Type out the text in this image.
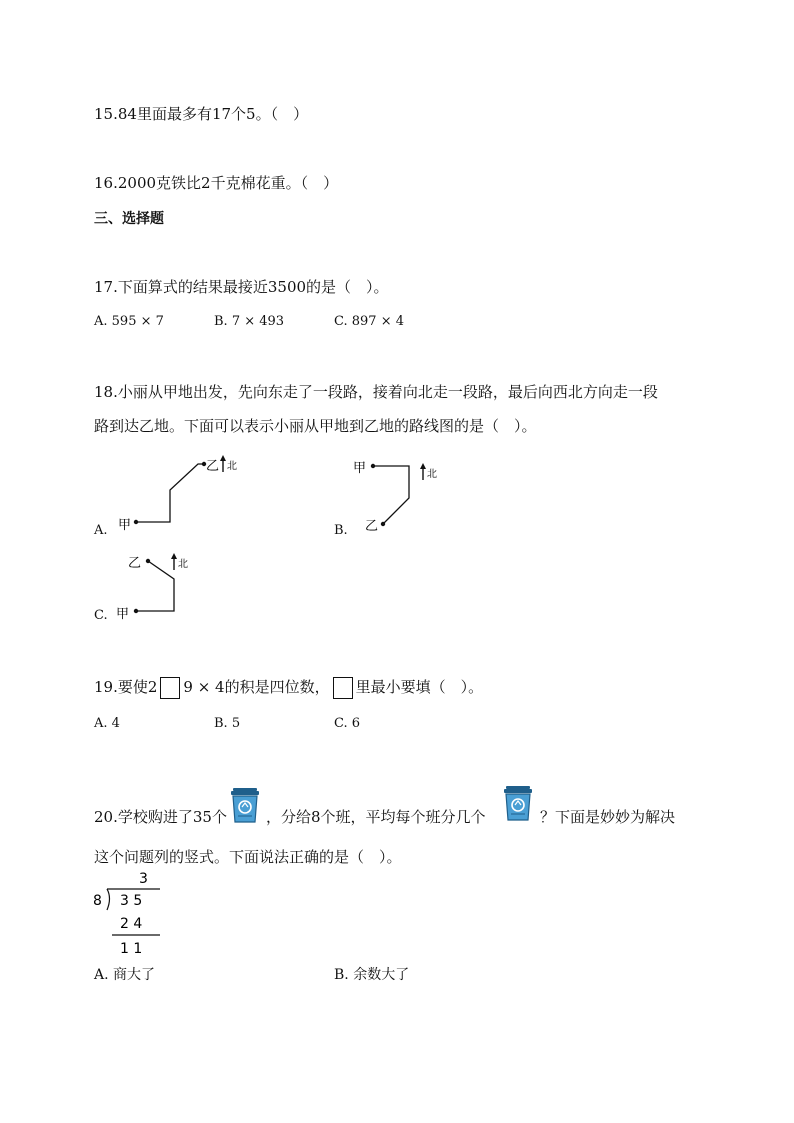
15.84里面最多有17个5。（　）
16.2000克铁比2千克棉花重。（　）
三、选择题
17.下面算式的结果最接近3500的是（　）。
A. 595 × 7	B. 7 × 493	C. 897 × 4
18.小丽从甲地出发，先向东走了一段路，接着向北走一段路，最后向西北方向走一段
路到达乙地。下面可以表示小丽从甲地到乙地的路线图的是（　）。
A. 甲
乙 北
B.
甲
乙
北
C. 甲
乙	北
19.要使2 9 × 4的积是四位数， 里最小要填（　）。
A. 4	B. 5	C. 6
20.学校购进了35个	，分给8个班，平均每个班分几个	？下面是妙妙为解决
这个问题列的竖式。下面说法正确的是（　）。
3
8 3 5
2 4
1 1
A. 商大了	B. 余数大了
